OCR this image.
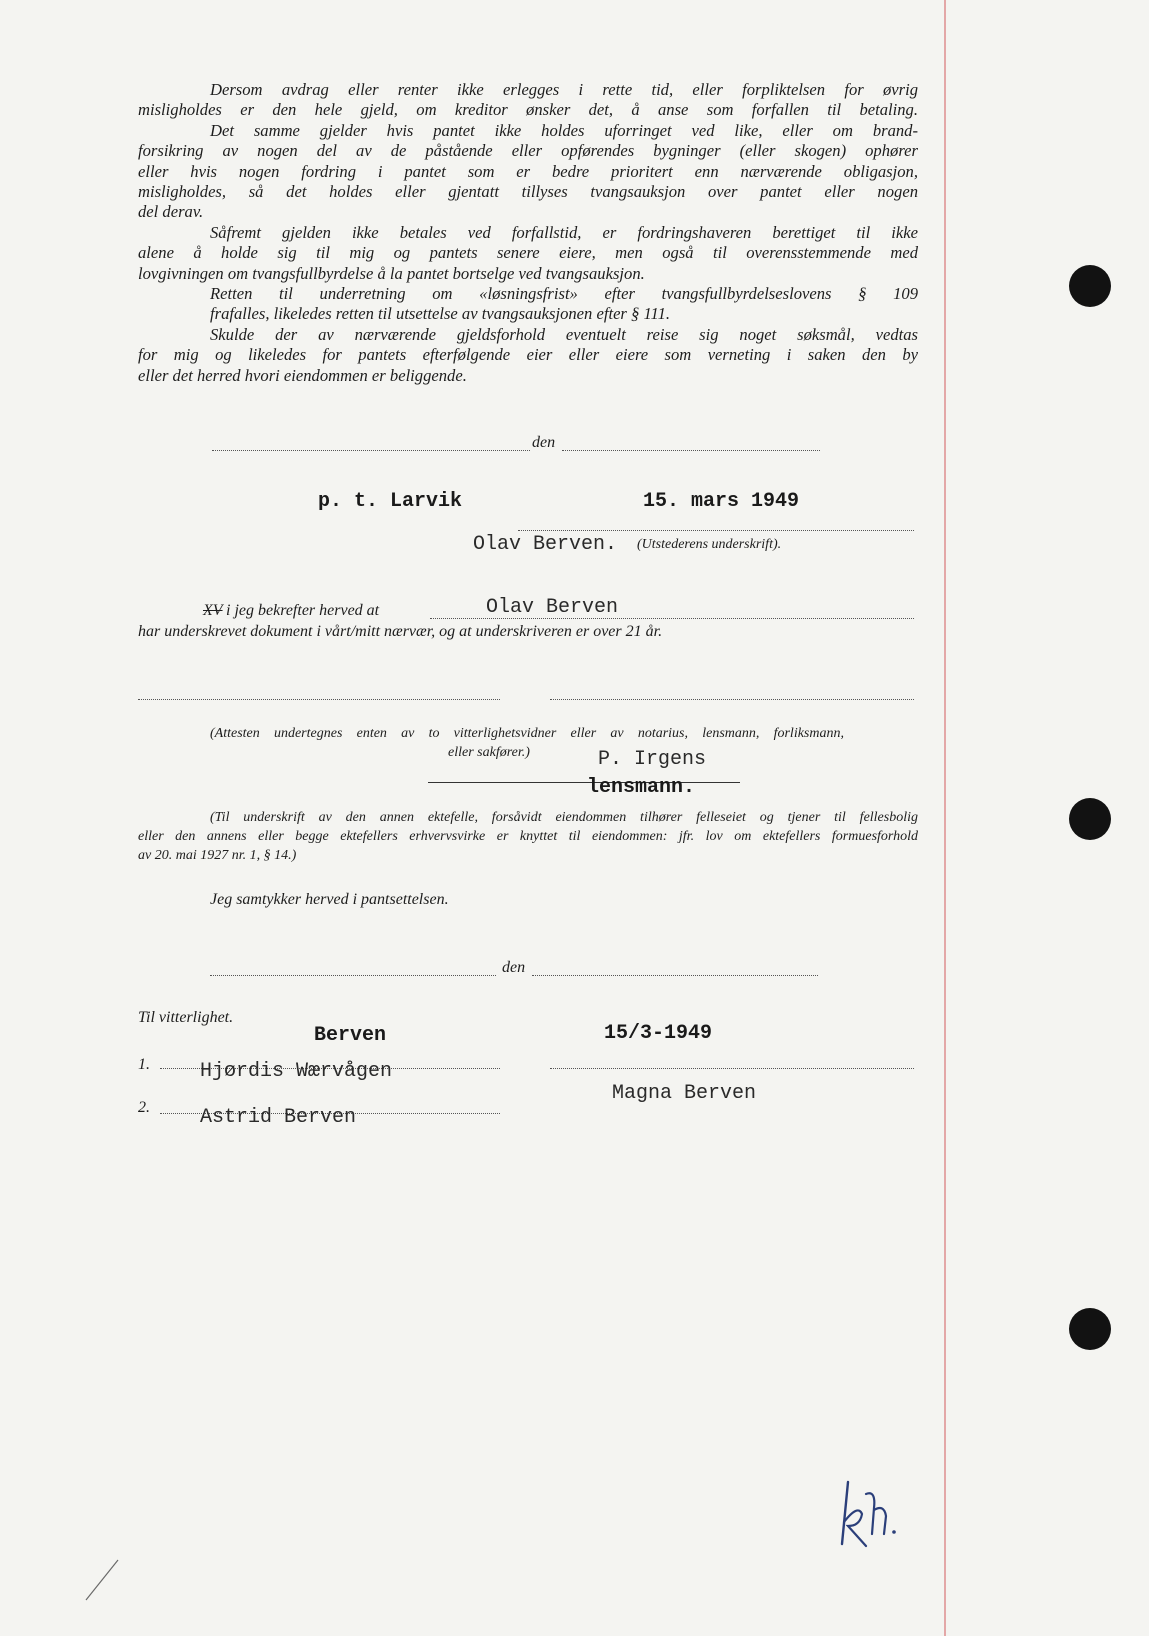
Dersom avdrag eller renter ikke erlegges i rette tid, eller forpliktelsen for øvrig
misligholdes er den hele gjeld, om kreditor ønsker det, å anse som forfallen til betaling.
Det samme gjelder hvis pantet ikke holdes uforringet ved like, eller om brand-
forsikring av nogen del av de påstående eller opførendes bygninger (eller skogen) ophører
eller hvis nogen fordring i pantet som er bedre prioritert enn nærværende obligasjon,
misligholdes, så det holdes eller gjentatt tillyses tvangsauksjon over pantet eller nogen
del derav.
Såfremt gjelden ikke betales ved forfallstid, er fordringshaveren berettiget til ikke
alene å holde sig til mig og pantets senere eiere, men også til overensstemmende med
lovgivningen om tvangsfullbyrdelse å la pantet bortselge ved tvangsauksjon.
Retten til underretning om «løsningsfrist» efter tvangsfullbyrdelseslovens § 109
frafalles, likeledes retten til utsettelse av tvangsauksjonen efter § 111.
Skulde der av nærværende gjeldsforhold eventuelt reise sig noget søksmål, vedtas
for mig og likeledes for pantets efterfølgende eier eller eiere som verneting i saken den by
eller det herred hvori eiendommen er beliggende.
den
p. t. Larvik	15. mars 1949
Olav Berven. (Utstederens underskrift).
XV i jeg bekrefter herved at	Olav Berven
har underskrevet dokument i vårt/mitt nærvær, og at underskriveren er over 21 år.
(Attesten undertegnes enten av to vitterlighetsvidner eller av notarius, lensmann, forliksmann,
eller sakfører.)	P. Irgens
lensmann.
(Til underskrift av den annen ektefelle, forsåvidt eiendommen tilhører felleseiet og tjener til fellesbolig
eller den annens eller begge ektefellers erhvervsvirke er knyttet til eiendommen: jfr. lov om ektefellers formuesforhold
av 20. mai 1927 nr. 1, § 14.)
Jeg samtykker herved i pantsettelsen.
den
Til vitterlighet.
Berven	15/3-1949
1.	Hjørdis Wærvågen
Magna Berven
2.	Astrid Berven
